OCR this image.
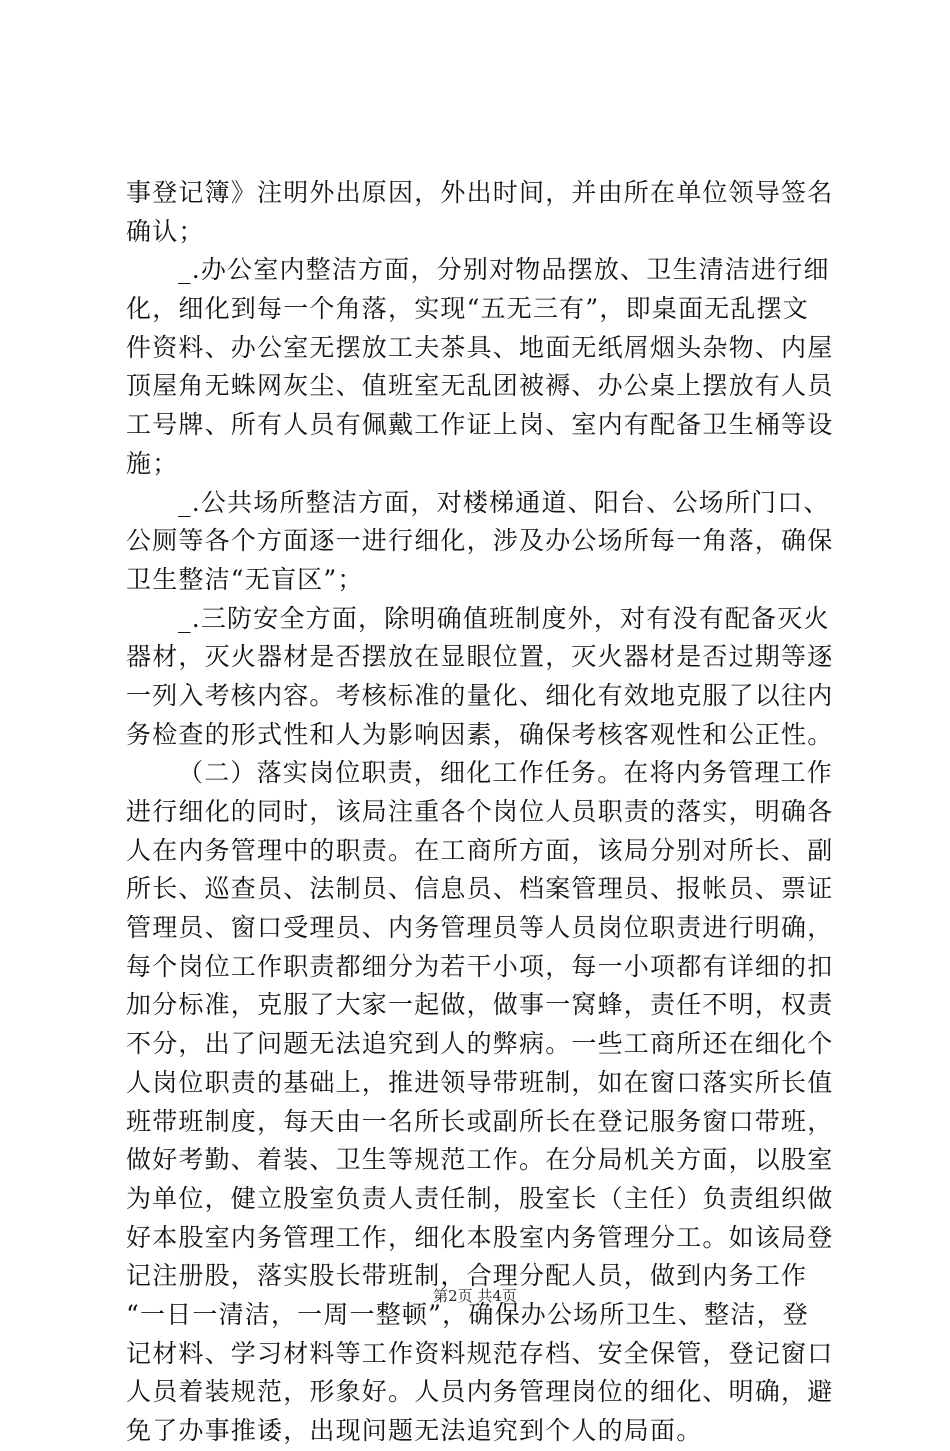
事登记簿》注明外出原因，外出时间，并由所在单位领导签名
确认；
_.办公室内整洁方面，分别对物品摆放、卫生清洁进行细
化，细化到每一个角落，实现“五无三有”，即桌面无乱摆文
件资料、办公室无摆放工夫茶具、地面无纸屑烟头杂物、内屋
顶屋角无蛛网灰尘、值班室无乱团被褥、办公桌上摆放有人员
工号牌、所有人员有佩戴工作证上岗、室内有配备卫生桶等设
施；
_.公共场所整洁方面，对楼梯通道、阳台、公场所门口、
公厕等各个方面逐一进行细化，涉及办公场所每一角落，确保
卫生整洁“无盲区”；
_.三防安全方面，除明确值班制度外，对有没有配备灭火
器材，灭火器材是否摆放在显眼位置，灭火器材是否过期等逐
一列入考核内容。考核标准的量化、细化有效地克服了以往内
务检查的形式性和人为影响因素，确保考核客观性和公正性。
（二）落实岗位职责，细化工作任务。在将内务管理工作
进行细化的同时，该局注重各个岗位人员职责的落实，明确各
人在内务管理中的职责。在工商所方面，该局分别对所长、副
所长、巡查员、法制员、信息员、档案管理员、报帐员、票证
管理员、窗口受理员、内务管理员等人员岗位职责进行明确，
每个岗位工作职责都细分为若干小项，每一小项都有详细的扣
加分标准，克服了大家一起做，做事一窝蜂，责任不明，权责
不分，出了问题无法追究到人的弊病。一些工商所还在细化个
人岗位职责的基础上，推进领导带班制，如在窗口落实所长值
班带班制度，每天由一名所长或副所长在登记服务窗口带班，
做好考勤、着装、卫生等规范工作。在分局机关方面，以股室
为单位，健立股室负责人责任制，股室长（主任）负责组织做
好本股室内务管理工作，细化本股室内务管理分工。如该局登
记注册股，落实股长带班制，合理分配人员，做到内务工作
“一日一清洁，一周一整顿”，确保办公场所卫生、整洁，登
记材料、学习材料等工作资料规范存档、安全保管，登记窗口
人员着装规范，形象好。人员内务管理岗位的细化、明确，避
免了办事推诿，出现问题无法追究到个人的局面。
第2页 共4页
